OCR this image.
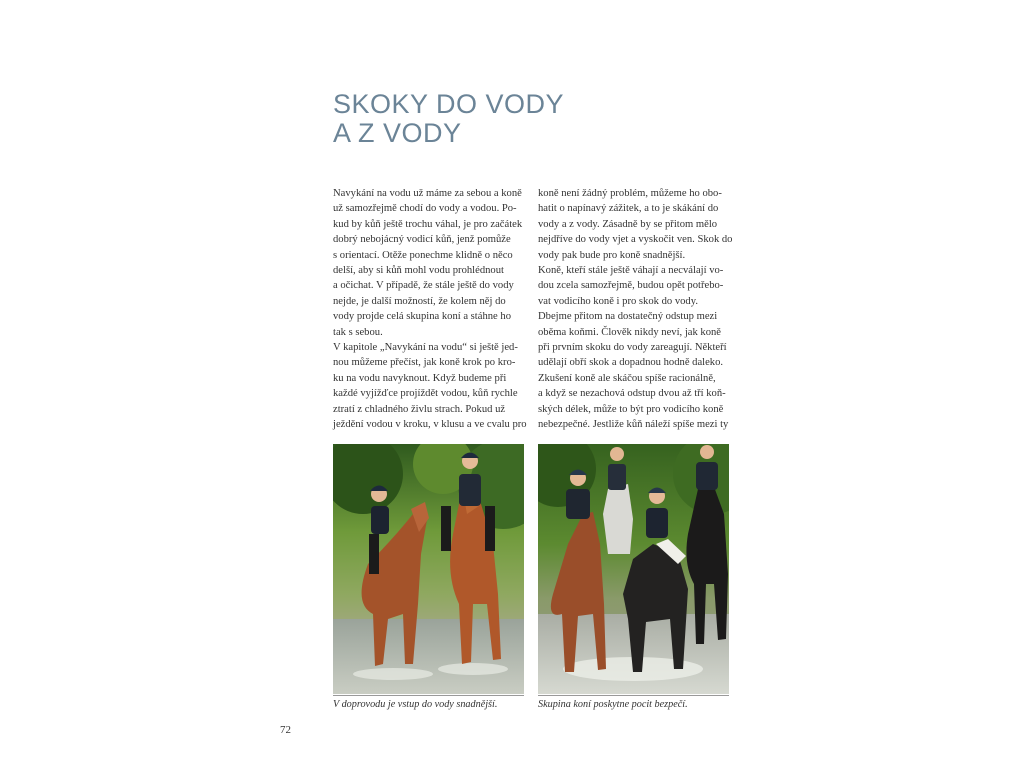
SKOKY DO VODY
A Z VODY
Navykání na vodu už máme za sebou a koně
už samozřejmě chodí do vody a vodou. Po-
kud by kůň ještě trochu váhal, je pro začátek
dobrý nebojácný vodicí kůň, jenž pomůže
s orientací. Otěže ponechme klidně o něco
delší, aby si kůň mohl vodu prohlédnout
a očichat. V případě, že stále ještě do vody
nejde, je další možností, že kolem něj do
vody projde celá skupina koní a stáhne ho
tak s sebou.
V kapitole „Navykání na vodu“ si ještě jed-
nou můžeme přečíst, jak koně krok po kro-
ku na vodu navyknout. Když budeme při
každé vyjížďce projíždět vodou, kůň rychle
ztratí z chladného živlu strach. Pokud už
ježdění vodou v kroku, v klusu a ve cvalu pro
koně není žádný problém, můžeme ho obo-
hatit o napínavý zážitek, a to je skákání do
vody a z vody. Zásadně by se přitom mělo
nejdříve do vody vjet a vyskočit ven. Skok do
vody pak bude pro koně snadnější.
Koně, kteří stále ještě váhají a necválají vo-
dou zcela samozřejmě, budou opět potřebo-
vat vodicího koně i pro skok do vody.
Dbejme přitom na dostatečný odstup mezi
oběma koňmi. Člověk nikdy neví, jak koně
při prvním skoku do vody zareagují. Někteří
udělají obří skok a dopadnou hodně daleko.
Zkušení koně ale skáčou spíše racionálně,
a když se nezachová odstup dvou až tří koň-
ských délek, může to být pro vodicího koně
nebezpečné. Jestliže kůň náleží spíše mezi ty
V doprovodu je vstup do vody snadnější.	Skupina koní poskytne pocit bezpečí.
72
